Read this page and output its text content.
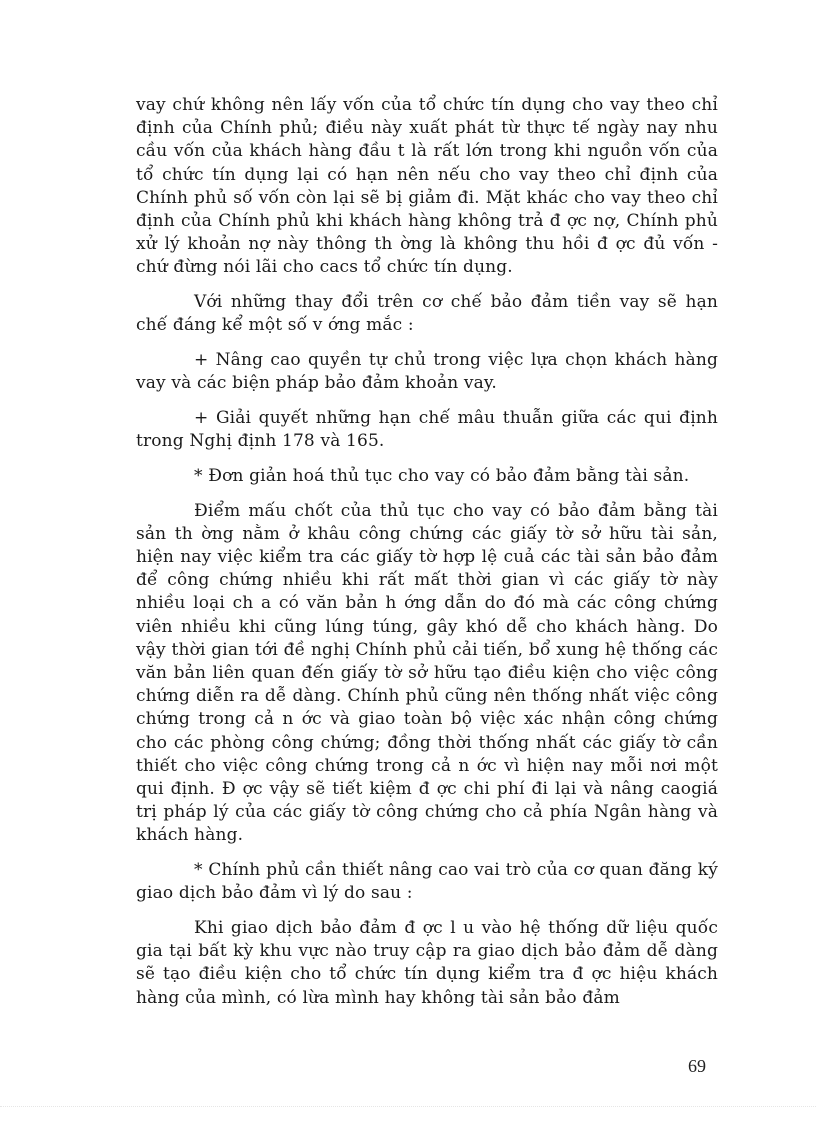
vay chứ không nên lấy vốn của tổ chức tín dụng cho vay theo chỉ định của Chính phủ; điều này xuất phát từ thực tế ngày nay nhu cầu vốn của khách hàng đầu t là rất lớn trong khi nguồn vốn của tổ chức tín dụng lại có hạn nên nếu cho vay theo chỉ định của Chính phủ số vốn còn lại sẽ bị giảm đi. Mặt khác cho vay theo chỉ định của Chính phủ khi khách hàng không trả đ ợc nợ, Chính phủ xử lý khoản nợ này thông th ờng là không thu hồi đ ợc đủ vốn - chứ đừng nói lãi cho cacs tổ chức tín dụng.

Với những thay đổi trên cơ chế bảo đảm tiền vay sẽ hạn chế đáng kể một số v ớng mắc :

+ Nâng cao quyền tự chủ trong việc lựa chọn khách hàng vay và các biện pháp bảo đảm khoản vay.

+ Giải quyết những hạn chế mâu thuẫn giữa các qui định trong Nghị định 178 và 165.

* Đơn giản hoá thủ tục cho vay có bảo đảm bằng tài sản.

Điểm mấu chốt của thủ tục cho vay có bảo đảm bằng tài sản th ờng nằm ở khâu công chứng các giấy tờ sở hữu tài sản, hiện nay việc kiểm tra các giấy tờ hợp lệ cuả các tài sản bảo đảm để công chứng nhiều khi rất mất thời gian vì các giấy tờ này nhiều loại ch a có văn bản h ớng dẫn do đó mà các công chứng viên nhiều khi cũng lúng túng, gây khó dễ cho khách hàng. Do vậy thời gian tới đề nghị Chính phủ cải tiến, bổ xung hệ thống các văn bản liên quan đến giấy tờ sở hữu tạo điều kiện cho việc công chứng diễn ra dễ dàng. Chính phủ cũng nên thống nhất việc công chứng trong cả n ớc và giao toàn bộ việc xác nhận công chứng cho các phòng công chứng; đồng thời thống nhất các giấy tờ cần thiết cho việc công chứng trong cả n ớc vì hiện nay mỗi nơi một qui định. Đ ợc vậy sẽ tiết kiệm đ ợc chi phí đi lại và nâng caogiá trị pháp lý của các giấy tờ công chứng cho cả phía Ngân hàng và khách hàng.

* Chính phủ cần thiết nâng cao vai trò của cơ quan đăng ký giao dịch bảo đảm vì lý do sau :

Khi giao dịch bảo đảm đ ợc l u vào hệ thống dữ liệu quốc gia tại bất kỳ khu vực nào truy cập ra giao dịch bảo đảm dễ dàng sẽ tạo điều kiện cho tổ chức tín dụng kiểm tra đ ợc hiệu khách hàng của mình, có lừa mình hay không tài sản bảo đảm

69
